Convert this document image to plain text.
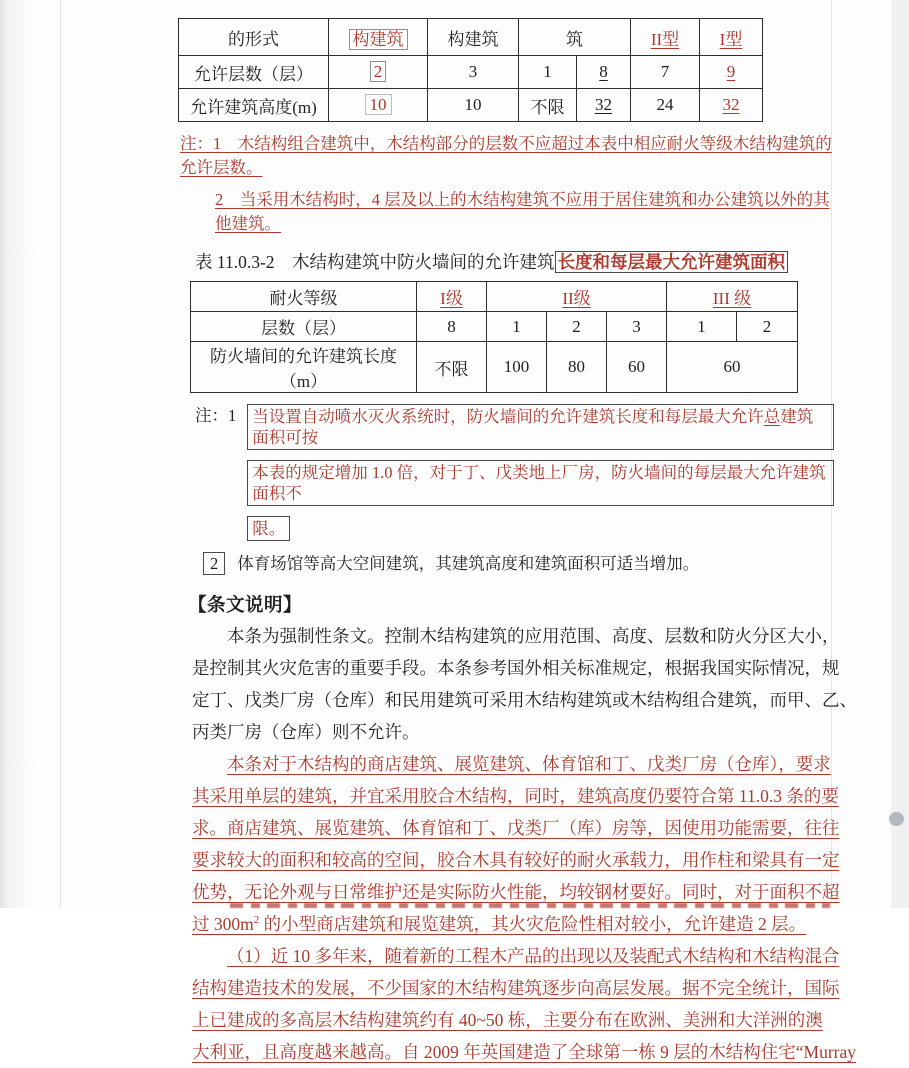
的形式	构建筑	构建筑	筑		II型	I型
允许层数（层）	2	3	1	8	7	9
允许建筑高度(m)	10	10	不限	32	24	32
注：1　木结构组合建筑中，木结构部分的层数不应超过本表中相应耐火等级木结构建筑的允许层数。
2　当采用木结构时，4 层及以上的木结构建筑不应用于居住建筑和办公建筑以外的其他建筑。
表 11.0.3-2　木结构建筑中防火墙间的允许建筑 长度和每层最大允许建筑面积
耐火等级	I级	II级			III 级	
层数（层）	8	1	2	3	1	2
防火墙间的允许建筑长度（m）	不限	100	80	60	60	
注：1 当设置自动喷水灭火系统时，防火墙间的允许建筑长度和每层最大允许总建筑面积可按
本表的规定增加 1.0 倍，对于丁、戊类地上厂房，防火墙间的每层最大允许建筑面积不
限。
2	体育场馆等高大空间建筑，其建筑高度和建筑面积可适当增加。
【条文说明】
本条为强制性条文。控制木结构建筑的应用范围、高度、层数和防火分区大小，
是控制其火灾危害的重要手段。本条参考国外相关标准规定，根据我国实际情况，规
定丁、戊类厂房（仓库）和民用建筑可采用木结构建筑或木结构组合建筑，而甲、乙、
丙类厂房（仓库）则不允许。
本条对于木结构的商店建筑、展览建筑、体育馆和丁、戊类厂房（仓库），要求
其采用单层的建筑，并宜采用胶合木结构，同时，建筑高度仍要符合第 11.0.3 条的要
求。商店建筑、展览建筑、体育馆和丁、戊类厂（库）房等，因使用功能需要，往往
要求较大的面积和较高的空间，胶合木具有较好的耐火承载力，用作柱和梁具有一定
优势，无论外观与日常维护还是实际防火性能，均较钢材要好。同时，对于面积不超
过 $300m^2$ 的小型商店建筑和展览建筑，其火灾危险性相对较小，允许建造 2 层。
（1）近 10 多年来，随着新的工程木产品的出现以及装配式木结构和木结构混合
结构建造技术的发展，不少国家的木结构建筑逐步向高层发展。据不完全统计，国际
上已建成的多高层木结构建筑约有 40~50 栋，主要分布在欧洲、美洲和大洋洲的澳
大利亚，且高度越来越高。自 2009 年英国建造了全球第一栋 9 层的木结构住宅“Murray
